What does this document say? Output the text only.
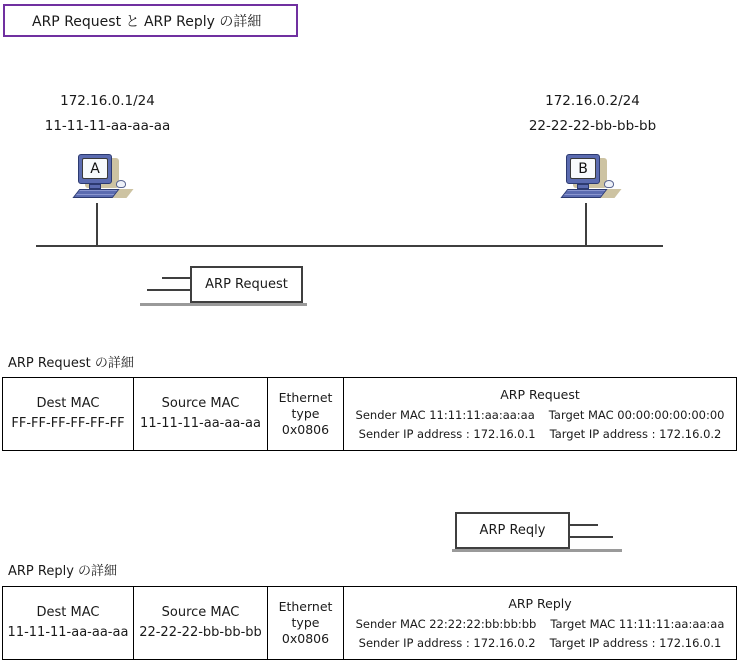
ARP Request と ARP Reply の詳細
172.16.0.1/24
11-11-11-aa-aa-aa
172.16.0.2/24
22-22-22-bb-bb-bb
A	B
ARP Request
ARP Request の詳細
Dest MAC
FF-FF-FF-FF-FF-FF
Source MAC
11-11-11-aa-aa-aa
Ethernet
type
0x0806
ARP Request
Sender MAC 11:11:11:aa:aa:aa Target MAC 00:00:00:00:00:00
Sender IP address : 172.16.0.1 Target IP address : 172.16.0.2
ARP Reqly
ARP Reply の詳細
Dest MAC
11-11-11-aa-aa-aa
Source MAC
22-22-22-bb-bb-bb
Ethernet
type
0x0806
ARP Reply
Sender MAC 22:22:22:bb:bb:bb Target MAC 11:11:11:aa:aa:aa
Sender IP address : 172.16.0.2 Target IP address : 172.16.0.1
